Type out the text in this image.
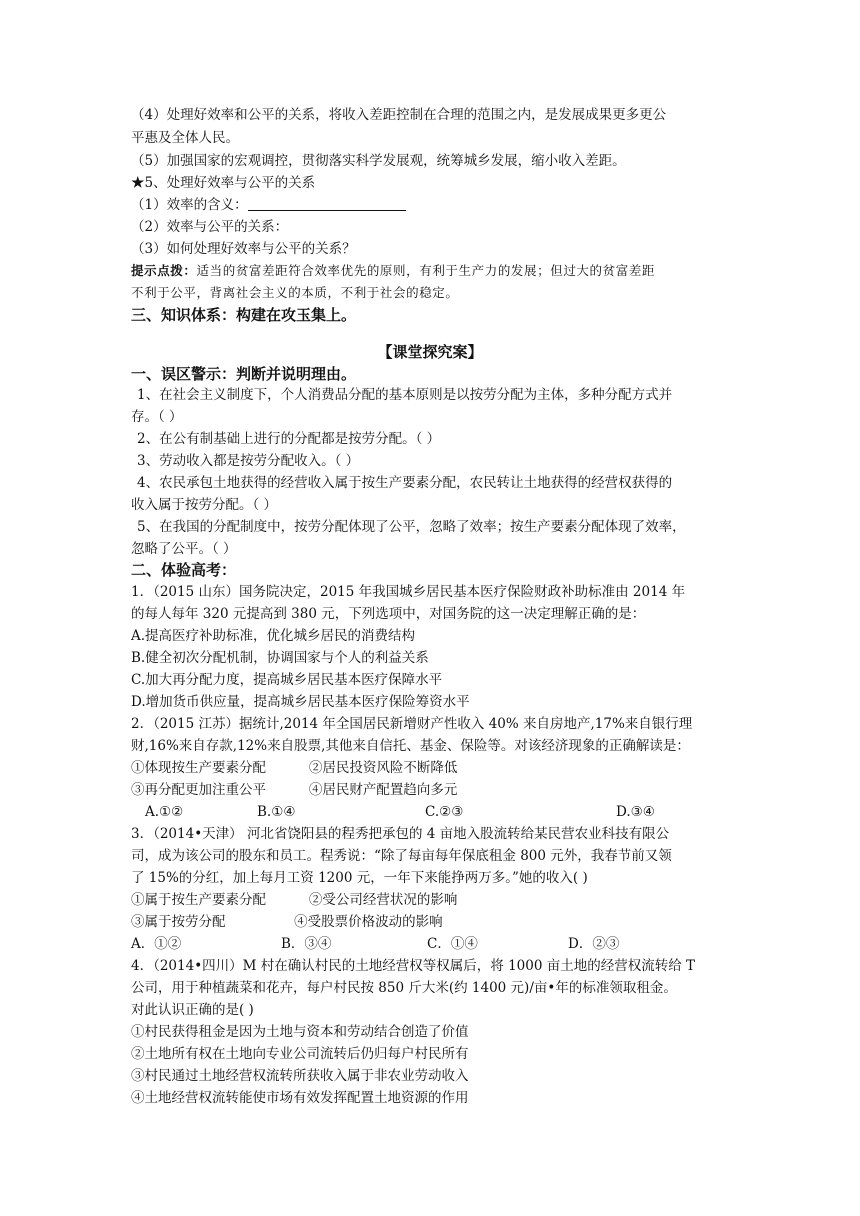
（4）处理好效率和公平的关系，将收入差距控制在合理的范围之内，是发展成果更多更公
平惠及全体人民。
（5）加强国家的宏观调控，贯彻落实科学发展观，统筹城乡发展，缩小收入差距。
★5、处理好效率与公平的关系
（1）效率的含义：
（2）效率与公平的关系：
（3）如何处理好效率与公平的关系？
提示点拨：适当的贫富差距符合效率优先的原则，有利于生产力的发展；但过大的贫富差距
不利于公平，背离社会主义的本质，不利于社会的稳定。
三、知识体系：构建在攻玉集上。
【课堂探究案】
一、误区警示：判断并说明理由。
1、在社会主义制度下，个人消费品分配的基本原则是以按劳分配为主体，多种分配方式并
存。（ ）
2、在公有制基础上进行的分配都是按劳分配。（ ）
3、劳动收入都是按劳分配收入。（ ）
4、农民承包土地获得的经营收入属于按生产要素分配，农民转让土地获得的经营权获得的
收入属于按劳分配。（ ）
5、在我国的分配制度中，按劳分配体现了公平，忽略了效率；按生产要素分配体现了效率，
忽略了公平。（ ）
二、体验高考：
1．（2015 山东）国务院决定，2015 年我国城乡居民基本医疗保险财政补助标准由 2014 年
的每人每年 320 元提高到 380 元，下列选项中，对国务院的这一决定理解正确的是：
A.提高医疗补助标准，优化城乡居民的消费结构
B.健全初次分配机制，协调国家与个人的利益关系
C.加大再分配力度，提高城乡居民基本医疗保障水平
D.增加货币供应量，提高城乡居民基本医疗保险筹资水平
2．（2015 江苏）据统计,2014 年全国居民新增财产性收入 40% 来自房地产,17%来自银行理
财,16%来自存款,12%来自股票,其他来自信托、基金、保险等。对该经济现象的正确解读是：
①体现按生产要素分配          ②居民投资风险不断降低
③再分配更加注重公平          ④居民财产配置趋向多元
A.①②	B.①④	C.②③	D.③④
3．（2014•天津） 河北省饶阳县的程秀把承包的 4 亩地入股流转给某民营农业科技有限公
司，成为该公司的股东和员工。程秀说：“除了每亩每年保底租金 800 元外，我春节前又领
了 15%的分红，加上每月工资 1200 元，一年下来能挣两万多。”她的收入( )
①属于按生产要素分配          ②受公司经营状况的影响
③属于按劳分配                ④受股票价格波动的影响
A．①②	B．③④	C．①④	D．②③
4．（2014•四川）M 村在确认村民的土地经营权等权属后，将 1000 亩土地的经营权流转给 T
公司，用于种植蔬菜和花卉，每户村民按 850 斤大米(约 1400 元)/亩•年的标准领取租金。
对此认识正确的是( )
①村民获得租金是因为土地与资本和劳动结合创造了价值
②土地所有权在土地向专业公司流转后仍归每户村民所有
③村民通过土地经营权流转所获收入属于非农业劳动收入
④土地经营权流转能使市场有效发挥配置土地资源的作用
